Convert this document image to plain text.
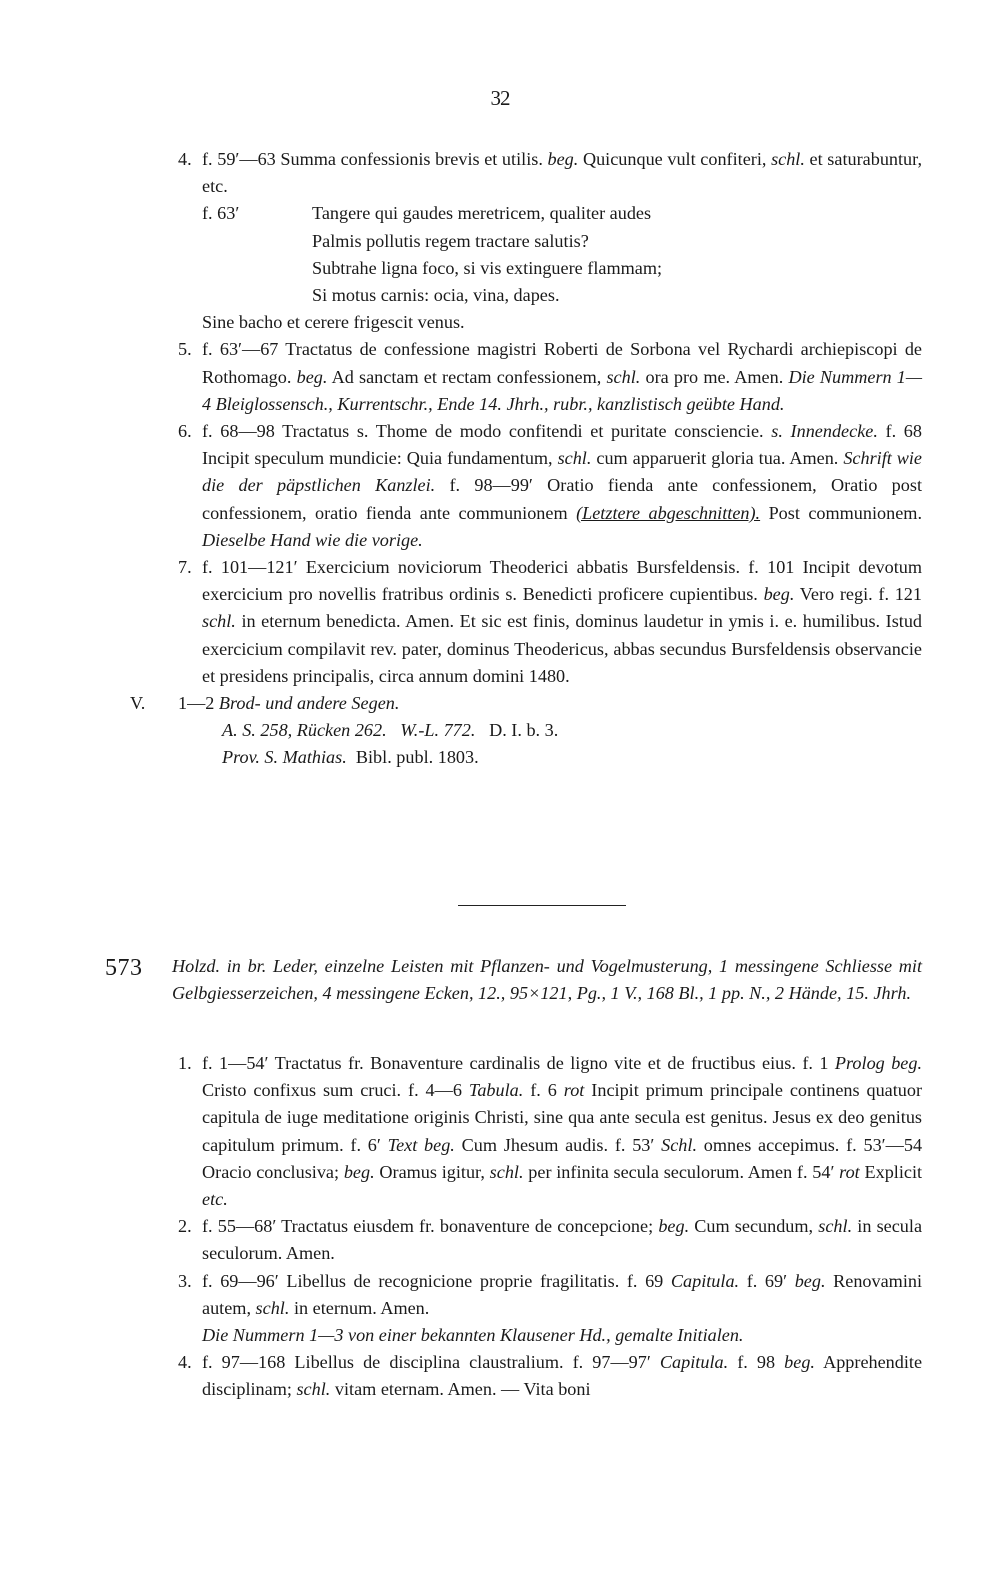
32
4. f. 59′—63 Summa confessionis brevis et utilis. beg. Quicunque vult confiteri, schl. et saturabuntur, etc.
f. 63′	Tangere qui gaudes meretricem, qualiter audes
Palmis pollutis regem tractare salutis?
Subtrahe ligna foco, si vis extinguere flammam;
Si motus carnis: ocia, vina, dapes.
Sine bacho et cerere frigescit venus.
5. f. 63′—67 Tractatus de confessione magistri Roberti de Sorbona vel Rychardi archiepiscopi de Rothomago. beg. Ad sanctam et rectam confessionem, schl. ora pro me. Amen. Die Nummern 1—4 Bleiglossensch., Kurrentschr., Ende 14. Jhrh., rubr., kanzlistisch geübte Hand.
6. f. 68—98 Tractatus s. Thome de modo confitendi et puritate consciencie. s. Innendecke. f. 68 Incipit speculum mundicie: Quia fundamentum, schl. cum apparuerit gloria tua. Amen. Schrift wie die der päpstlichen Kanzlei. f. 98—99′ Oratio fienda ante confessionem, Oratio post confessionem, oratio fienda ante communionem (Letztere abgeschnitten). Post communionem. Dieselbe Hand wie die vorige.
7. f. 101—121′ Exercicium noviciorum Theoderici abbatis Bursfeldensis. f. 101 Incipit devotum exercicium pro novellis fratribus ordinis s. Benedicti proficere cupientibus. beg. Vero regi. f. 121 schl. in eternum benedicta. Amen. Et sic est finis, dominus laudetur in ymis i. e. humilibus. Istud exercicium compilavit rev. pater, dominus Theodericus, abbas secundus Bursfeldensis observancie et presidens principalis, circa annum domini 1480.
V. 1—2 Brod- und andere Segen.
A. S. 258, Rücken 262. W.-L. 772. D. I. b. 3.
Prov. S. Mathias. Bibl. publ. 1803.
573 Holzd. in br. Leder, einzelne Leisten mit Pflanzen- und Vogelmusterung, 1 messingene Schliesse mit Gelbgiesserzeichen, 4 messingene Ecken, 12., 95×121, Pg., 1 V., 168 Bl., 1 pp. N., 2 Hände, 15. Jhrh.
1. f. 1—54′ Tractatus fr. Bonaventure cardinalis de ligno vite et de fructibus eius. f. 1 Prolog beg. Cristo confixus sum cruci. f. 4—6 Tabula. f. 6 rot Incipit primum principale continens quatuor capitula de iuge meditatione originis Christi, sine qua ante secula est genitus. Jesus ex deo genitus capitulum primum. f. 6′ Text beg. Cum Jhesum audis. f. 53′ Schl. omnes accepimus. f. 53′—54 Oracio conclusiva; beg. Oramus igitur, schl. per infinita secula seculorum. Amen f. 54′ rot Explicit etc.
2. f. 55—68′ Tractatus eiusdem fr. bonaventure de concepcione; beg. Cum secundum, schl. in secula seculorum. Amen.
3. f. 69—96′ Libellus de recognicione proprie fragilitatis. f. 69 Capitula. f. 69′ beg. Renovamini autem, schl. in eternum. Amen.
Die Nummern 1—3 von einer bekannten Klausener Hd., gemalte Initialen.
4. f. 97—168 Libellus de disciplina claustralium. f. 97—97′ Capitula. f. 98 beg. Apprehendite disciplinam; schl. vitam eternam. Amen. — Vita boni
